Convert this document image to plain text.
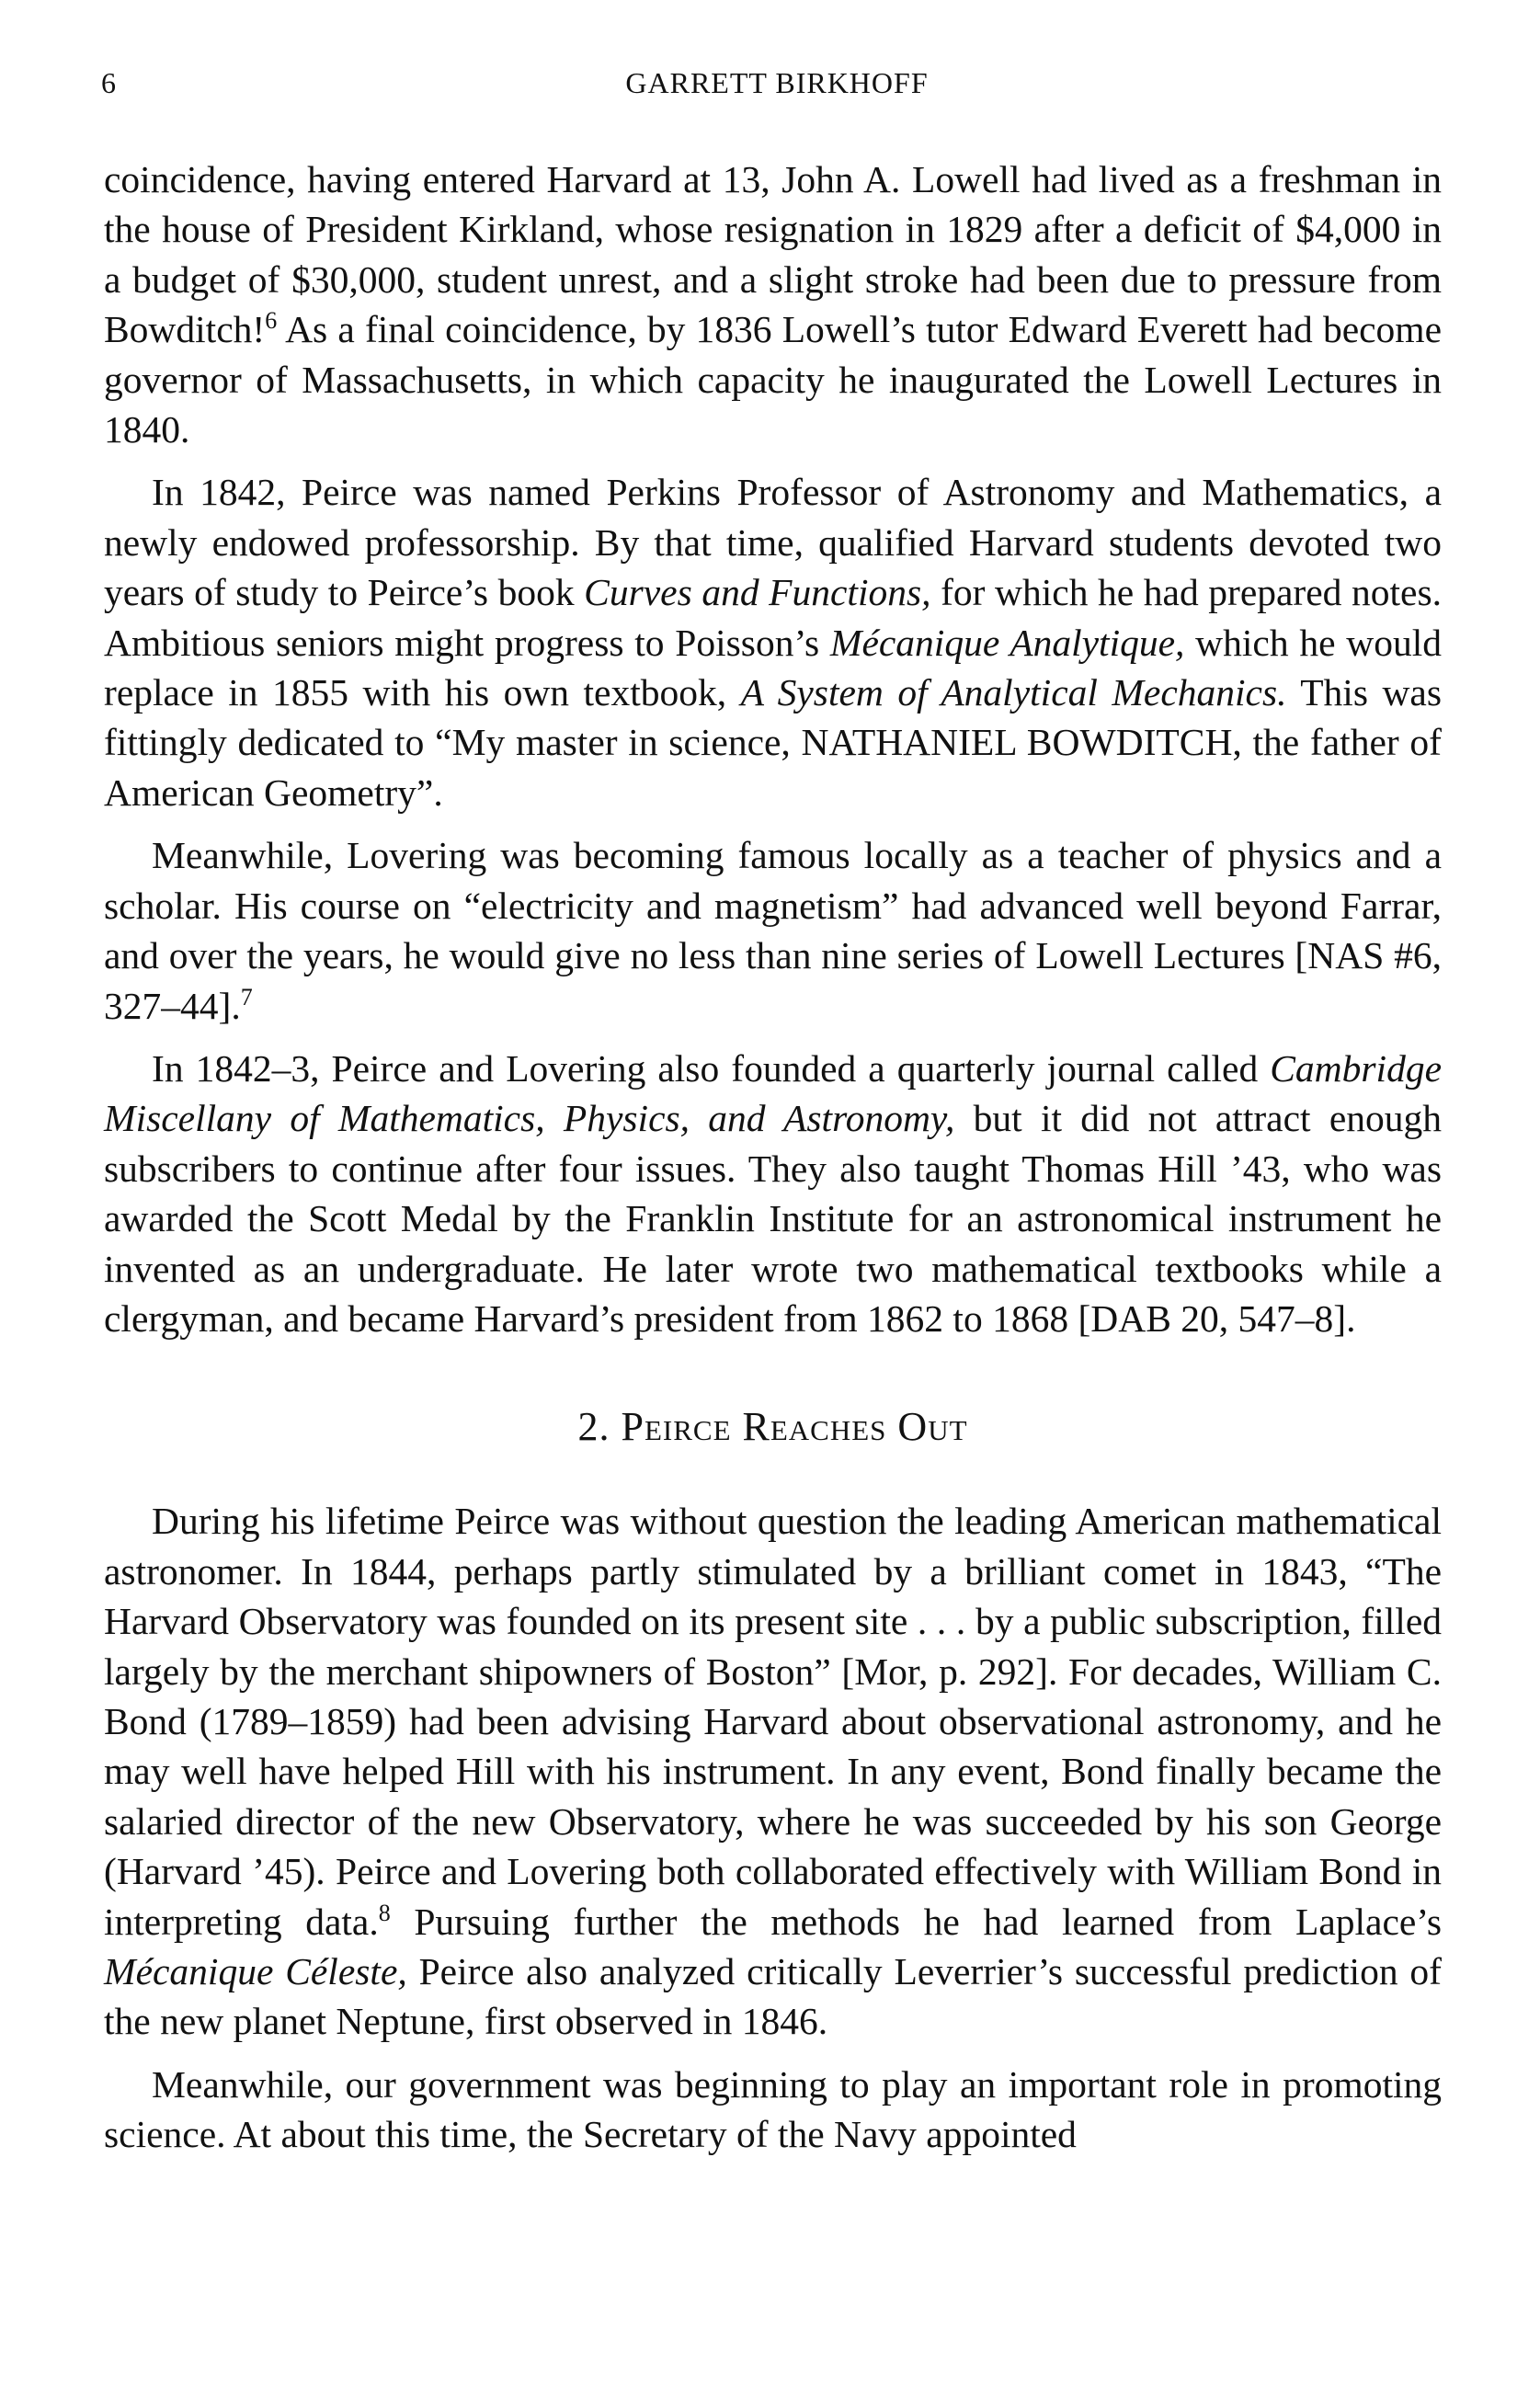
6	GARRETT BIRKHOFF

coincidence, having entered Harvard at 13, John A. Lowell had lived as a freshman in the house of President Kirkland, whose resignation in 1829 after a deficit of $4,000 in a budget of $30,000, student unrest, and a slight stroke had been due to pressure from Bowditch!$^6$ As a final coincidence, by 1836 Lowell’s tutor Edward Everett had become governor of Massachusetts, in which capacity he inaugurated the Lowell Lectures in 1840.

In 1842, Peirce was named Perkins Professor of Astronomy and Mathematics, a newly endowed professorship. By that time, qualified Harvard students devoted two years of study to Peirce’s book Curves and Functions, for which he had prepared notes. Ambitious seniors might progress to Poisson’s Mécanique Analytique, which he would replace in 1855 with his own textbook, A System of Analytical Mechanics. This was fittingly dedicated to “My master in science, NATHANIEL BOWDITCH, the father of American Geometry”.

Meanwhile, Lovering was becoming famous locally as a teacher of physics and a scholar. His course on “electricity and magnetism” had advanced well beyond Farrar, and over the years, he would give no less than nine series of Lowell Lectures [NAS #6, 327–44].$^7$

In 1842–3, Peirce and Lovering also founded a quarterly journal called Cambridge Miscellany of Mathematics, Physics, and Astronomy, but it did not attract enough subscribers to continue after four issues. They also taught Thomas Hill ’43, who was awarded the Scott Medal by the Franklin Institute for an astronomical instrument he invented as an undergraduate. He later wrote two mathematical textbooks while a clergyman, and became Harvard’s president from 1862 to 1868 [DAB 20, 547–8].

2. Peirce Reaches Out

During his lifetime Peirce was without question the leading American mathematical astronomer. In 1844, perhaps partly stimulated by a brilliant comet in 1843, “The Harvard Observatory was founded on its present site . . . by a public subscription, filled largely by the merchant shipowners of Boston” [Mor, p. 292]. For decades, William C. Bond (1789–1859) had been advising Harvard about observational astronomy, and he may well have helped Hill with his instrument. In any event, Bond finally became the salaried director of the new Observatory, where he was succeeded by his son George (Harvard ’45). Peirce and Lovering both collaborated effectively with William Bond in interpreting data.$^8$ Pursuing further the methods he had learned from Laplace’s Mécanique Céleste, Peirce also analyzed critically Leverrier’s successful prediction of the new planet Neptune, first observed in 1846.

Meanwhile, our government was beginning to play an important role in promoting science. At about this time, the Secretary of the Navy appointed
